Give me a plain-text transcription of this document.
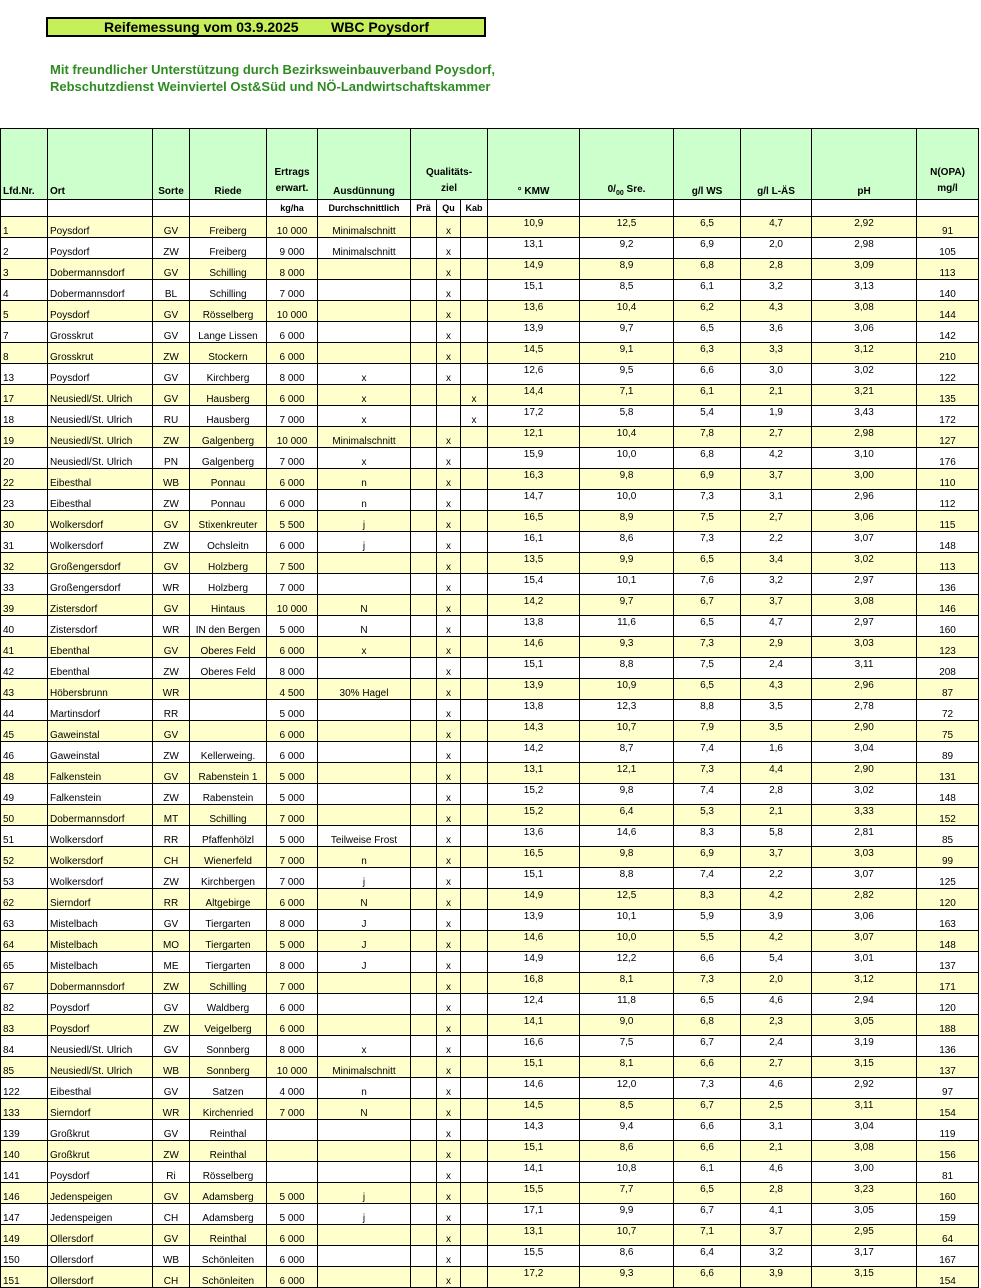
Reifemessung vom 03.9.2025 WBC Poysdorf
Mit freundlicher Unterstützung durch Bezirksweinbauverband Poysdorf,
Rebschutzdienst Weinviertel Ost&Süd und NÖ-Landwirtschaftskammer
Lfd.Nr.	Ort	Sorte	Riede	Ertrags erwart.	Ausdünnung	Qualitäts- ziel			° KMW	$0/_{00}$ Sre.	g/l WS	g/l L-ÄS	pH	N(OPA) mg/l
				kg/ha	Durchschnittlich	Prä	Qu	Kab						
1	Poysdorf	GV	Freiberg	10 000	Minimalschnitt		x		10,9	12,5	6,5	4,7	2,92	91
2	Poysdorf	ZW	Freiberg	9 000	Minimalschnitt		x		13,1	9,2	6,9	2,0	2,98	105
3	Dobermannsdorf	GV	Schilling	8 000			x		14,9	8,9	6,8	2,8	3,09	113
4	Dobermannsdorf	BL	Schilling	7 000			x		15,1	8,5	6,1	3,2	3,13	140
5	Poysdorf	GV	Rösselberg	10 000			x		13,6	10,4	6,2	4,3	3,08	144
7	Grosskrut	GV	Lange Lissen	6 000			x		13,9	9,7	6,5	3,6	3,06	142
8	Grosskrut	ZW	Stockern	6 000			x		14,5	9,1	6,3	3,3	3,12	210
13	Poysdorf	GV	Kirchberg	8 000	x		x		12,6	9,5	6,6	3,0	3,02	122
17	Neusiedl/St. Ulrich	GV	Hausberg	6 000	x			x	14,4	7,1	6,1	2,1	3,21	135
18	Neusiedl/St. Ulrich	RU	Hausberg	7 000	x			x	17,2	5,8	5,4	1,9	3,43	172
19	Neusiedl/St. Ulrich	ZW	Galgenberg	10 000	Minimalschnitt		x		12,1	10,4	7,8	2,7	2,98	127
20	Neusiedl/St. Ulrich	PN	Galgenberg	7 000	x		x		15,9	10,0	6,8	4,2	3,10	176
22	Eibesthal	WB	Ponnau	6 000	n		x		16,3	9,8	6,9	3,7	3,00	110
23	Eibesthal	ZW	Ponnau	6 000	n		x		14,7	10,0	7,3	3,1	2,96	112
30	Wolkersdorf	GV	Stixenkreuter	5 500	j		x		16,5	8,9	7,5	2,7	3,06	115
31	Wolkersdorf	ZW	Ochsleitn	6 000	j		x		16,1	8,6	7,3	2,2	3,07	148
32	Großengersdorf	GV	Holzberg	7 500			x		13,5	9,9	6,5	3,4	3,02	113
33	Großengersdorf	WR	Holzberg	7 000			x		15,4	10,1	7,6	3,2	2,97	136
39	Zistersdorf	GV	Hintaus	10 000	N		x		14,2	9,7	6,7	3,7	3,08	146
40	Zistersdorf	WR	IN den Bergen	5 000	N		x		13,8	11,6	6,5	4,7	2,97	160
41	Ebenthal	GV	Oberes Feld	6 000	x		x		14,6	9,3	7,3	2,9	3,03	123
42	Ebenthal	ZW	Oberes Feld	8 000			x		15,1	8,8	7,5	2,4	3,11	208
43	Höbersbrunn	WR		4 500	30% Hagel		x		13,9	10,9	6,5	4,3	2,96	87
44	Martinsdorf	RR		5 000			x		13,8	12,3	8,8	3,5	2,78	72
45	Gaweinstal	GV		6 000			x		14,3	10,7	7,9	3,5	2,90	75
46	Gaweinstal	ZW	Kellerweing.	6 000			x		14,2	8,7	7,4	1,6	3,04	89
48	Falkenstein	GV	Rabenstein 1	5 000			x		13,1	12,1	7,3	4,4	2,90	131
49	Falkenstein	ZW	Rabenstein	5 000			x		15,2	9,8	7,4	2,8	3,02	148
50	Dobermannsdorf	MT	Schilling	7 000			x		15,2	6,4	5,3	2,1	3,33	152
51	Wolkersdorf	RR	Pfaffenhölzl	5 000	Teilweise Frost		x		13,6	14,6	8,3	5,8	2,81	85
52	Wolkersdorf	CH	Wienerfeld	7 000	n		x		16,5	9,8	6,9	3,7	3,03	99
53	Wolkersdorf	ZW	Kirchbergen	7 000	j		x		15,1	8,8	7,4	2,2	3,07	125
62	Sierndorf	RR	Altgebirge	6 000	N		x		14,9	12,5	8,3	4,2	2,82	120
63	Mistelbach	GV	Tiergarten	8 000	J		x		13,9	10,1	5,9	3,9	3,06	163
64	Mistelbach	MO	Tiergarten	5 000	J		x		14,6	10,0	5,5	4,2	3,07	148
65	Mistelbach	ME	Tiergarten	8 000	J		x		14,9	12,2	6,6	5,4	3,01	137
67	Dobermannsdorf	ZW	Schilling	7 000			x		16,8	8,1	7,3	2,0	3,12	171
82	Poysdorf	GV	Waldberg	6 000			x		12,4	11,8	6,5	4,6	2,94	120
83	Poysdorf	ZW	Veigelberg	6 000			x		14,1	9,0	6,8	2,3	3,05	188
84	Neusiedl/St. Ulrich	GV	Sonnberg	8 000	x		x		16,6	7,5	6,7	2,4	3,19	136
85	Neusiedl/St. Ulrich	WB	Sonnberg	10 000	Minimalschnitt		x		15,1	8,1	6,6	2,7	3,15	137
122	Eibesthal	GV	Satzen	4 000	n		x		14,6	12,0	7,3	4,6	2,92	97
133	Sierndorf	WR	Kirchenried	7 000	N		x		14,5	8,5	6,7	2,5	3,11	154
139	Großkrut	GV	Reinthal				x		14,3	9,4	6,6	3,1	3,04	119
140	Großkrut	ZW	Reinthal				x		15,1	8,6	6,6	2,1	3,08	156
141	Poysdorf	Ri	Rösselberg				x		14,1	10,8	6,1	4,6	3,00	81
146	Jedenspeigen	GV	Adamsberg	5 000	j		x		15,5	7,7	6,5	2,8	3,23	160
147	Jedenspeigen	CH	Adamsberg	5 000	j		x		17,1	9,9	6,7	4,1	3,05	159
149	Ollersdorf	GV	Reinthal	6 000			x		13,1	10,7	7,1	3,7	2,95	64
150	Ollersdorf	WB	Schönleiten	6 000			x		15,5	8,6	6,4	3,2	3,17	167
151	Ollersdorf	CH	Schönleiten	6 000			x		17,2	9,3	6,6	3,9	3,15	154
